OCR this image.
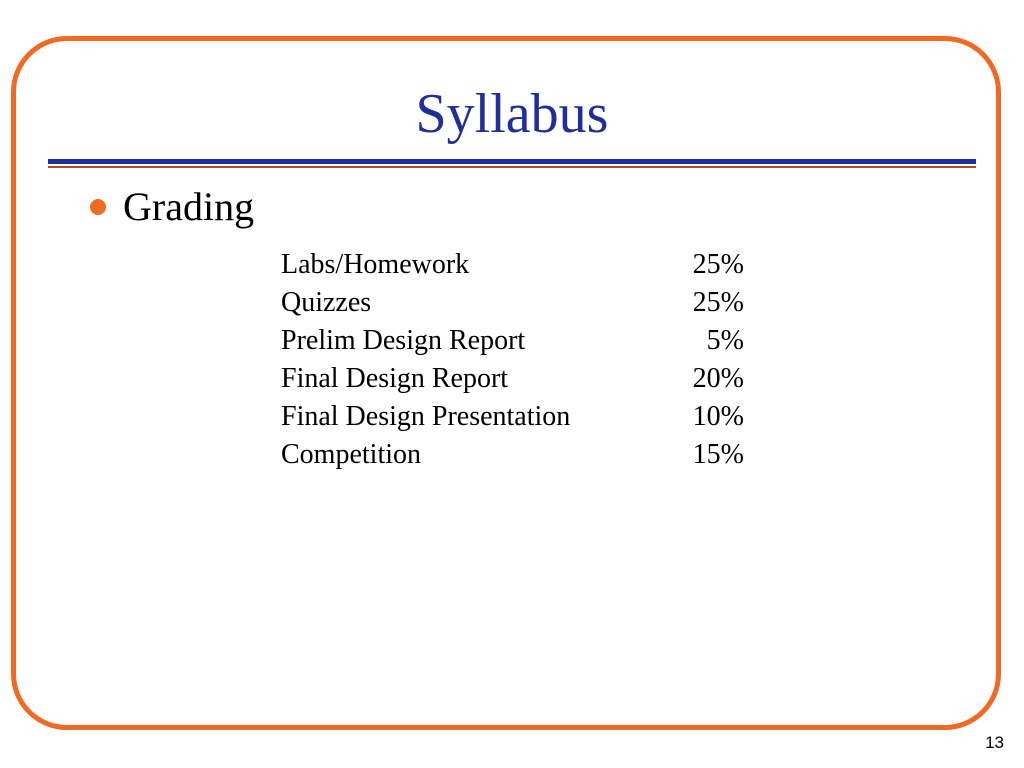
Syllabus
Grading
Labs/Homework	25%
Quizzes	25%
Prelim Design Report	5%
Final Design Report	20%
Final Design Presentation	10%
Competition	15%
13
